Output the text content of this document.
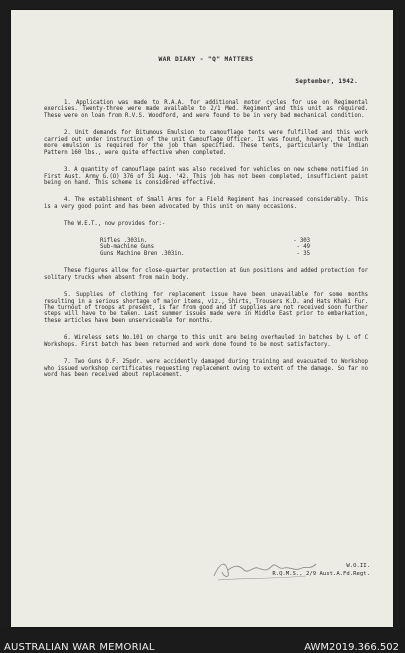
WAR DIARY - "Q" MATTERS
September, 1942.
1. Application was made to R.A.A. for additional motor cycles for use on Regimental exercises. Twenty-three were made available to 2/1 Med. Regiment and this unit as required. These were on loan from R.V.S. Woodford, and were found to be in very bad mechanical condition.
2. Unit demands for Bitumous Emulsion to camouflage tents were fulfilled and this work carried out under instruction of the unit Camouflage Officer. It was found, however, that much more emulsion is required for the job than specified. These tents, particularly the Indian Pattern 160 lbs., were quite effective when completed.
3. A quantity of camouflage paint was also received for vehicles on new scheme notified in First Aust. Army G.(O) 376 of 31 Aug. '42. This job has not been completed, insufficient paint being on hand. This scheme is considered effective.
4. The establishment of Small Arms for a Field Regiment has increased considerably. This is a very good point and has been advocated by this unit on many occasions.
The W.E.T., now provides for:-
Rifles .303in.	- 303
Sub-machine Guns	- 49
Guns Machine Bren .303in.	- 35
These figures allow for close-quarter protection at Gun positions and added protection for solitary trucks when absent from main body.
5. Supplies of clothing for replacement issue have been unavailable for some months resulting in a serious shortage of major items, viz., Shirts, Trousers K.D. and Hats Khaki Fur. The turnout of troops at present, is far from good and if supplies are not received soon further steps will have to be taken. Last summer issues made were in Middle East prior to embarkation, these articles have been unserviceable for months.
6. Wireless sets No.101 on charge to this unit are being overhauled in batches by L of C Workshops. First batch has been returned and work done found to be most satisfactory.
7. Two Guns O.F. 25pdr. were accidently damaged during training and evacuated to Workshop who issued workshop certificates requesting replacement owing to extent of the damage. So far no word has been received about replacement.
W.O.II.
R.Q.M.S., 2/9 Aust.A.Fd.Regt.
AUSTRALIAN WAR MEMORIAL	AWM2019.366.502
